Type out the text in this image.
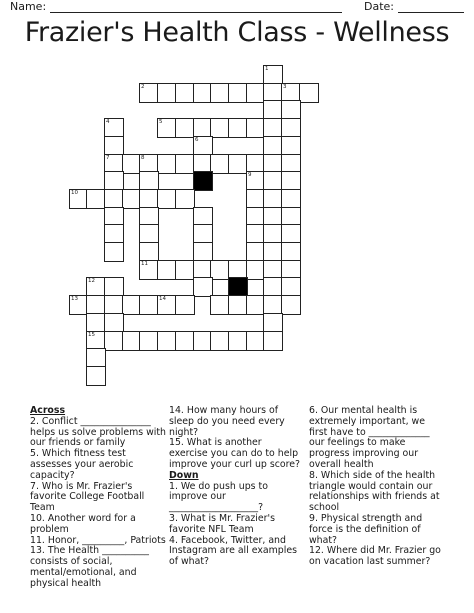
Name:	Date:
Frazier's Health Class - Wellness
1
2	3
4	5
6
7	8
9
10
11
12
13	14
15

Across

2. Conflict _______________ helps us solve problems with our friends or family

5. Which fitness test assesses your aerobic capacity?

7. Who is Mr. Frazier's favorite College Football Team

10. Another word for a problem

11. Honor, _________, Patriots

13. The Health __________ consists of social, mental/emotional, and physical health

14. How many hours of sleep do you need every night?

15. What is another exercise you can do to help improve your curl up score?

Down

1. We do push ups to improve our ___________________?

3. What is Mr. Frazier's favorite NFL Team

4. Facebook, Twitter, and Instagram are all examples of what?

6. Our mental health is extremely important, we first have to _____________ our feelings to make progress improving our overall health

8. Which side of the health triangle would contain our relationships with friends at school

9. Physical strength and force is the definition of what?

12. Where did Mr. Frazier go on vacation last summer?
